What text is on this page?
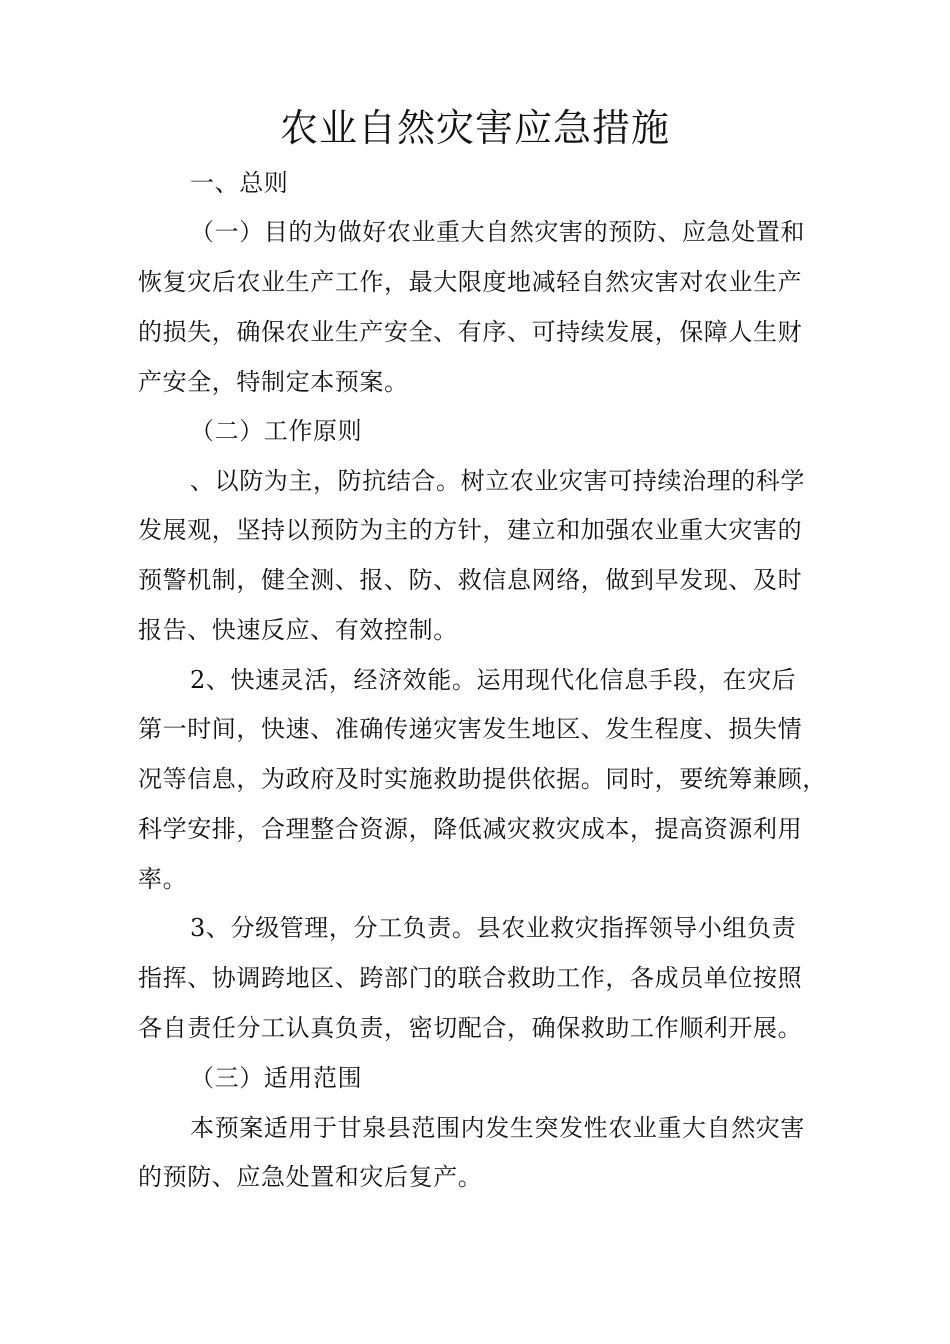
农业自然灾害应急措施
一、总则
（一）目的为做好农业重大自然灾害的预防、应急处置和
恢复灾后农业生产工作，最大限度地减轻自然灾害对农业生产
的损失，确保农业生产安全、有序、可持续发展，保障人生财
产安全，特制定本预案。
（二）工作原则
、以防为主，防抗结合。树立农业灾害可持续治理的科学
发展观，坚持以预防为主的方针，建立和加强农业重大灾害的
预警机制，健全测、报、防、救信息网络，做到早发现、及时
报告、快速反应、有效控制。
2、快速灵活，经济效能。运用现代化信息手段，在灾后
第一时间，快速、准确传递灾害发生地区、发生程度、损失情
况等信息，为政府及时实施救助提供依据。同时，要统筹兼顾，
科学安排，合理整合资源，降低减灾救灾成本，提高资源利用
率。
3、分级管理，分工负责。县农业救灾指挥领导小组负责
指挥、协调跨地区、跨部门的联合救助工作，各成员单位按照
各自责任分工认真负责，密切配合，确保救助工作顺利开展。
（三）适用范围
本预案适用于甘泉县范围内发生突发性农业重大自然灾害
的预防、应急处置和灾后复产。
